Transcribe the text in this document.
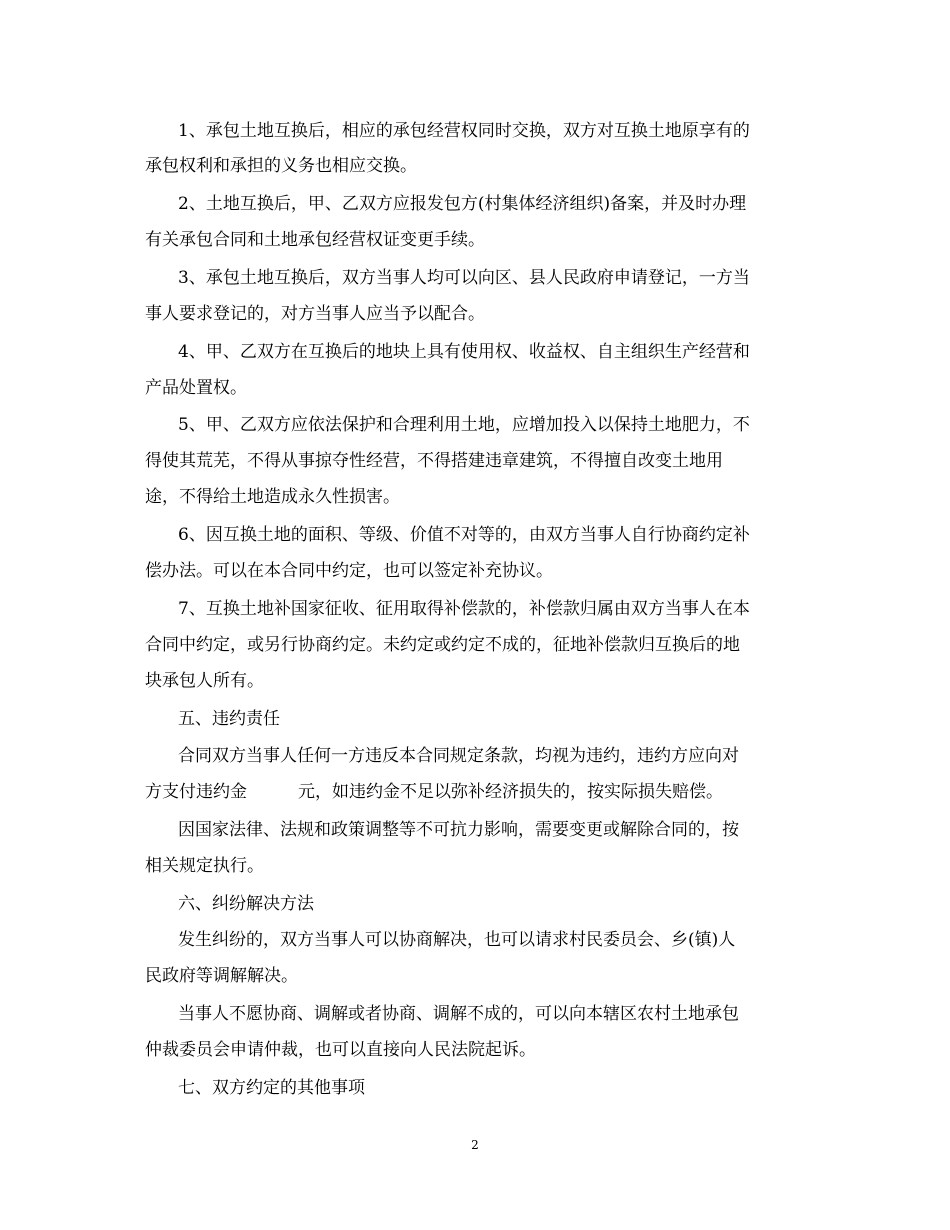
1、承包土地互换后，相应的承包经营权同时交换，双方对互换土地原享有的
承包权利和承担的义务也相应交换。
2、土地互换后，甲、乙双方应报发包方(村集体经济组织)备案，并及时办理
有关承包合同和土地承包经营权证变更手续。
3、承包土地互换后，双方当事人均可以向区、县人民政府申请登记，一方当
事人要求登记的，对方当事人应当予以配合。
4、甲、乙双方在互换后的地块上具有使用权、收益权、自主组织生产经营和
产品处置权。
5、甲、乙双方应依法保护和合理利用土地，应增加投入以保持土地肥力，不
得使其荒芜，不得从事掠夺性经营，不得搭建违章建筑，不得擅自改变土地用
途，不得给土地造成永久性损害。
6、因互换土地的面积、等级、价值不对等的，由双方当事人自行协商约定补
偿办法。可以在本合同中约定，也可以签定补充协议。
7、互换土地补国家征收、征用取得补偿款的，补偿款归属由双方当事人在本
合同中约定，或另行协商约定。未约定或约定不成的，征地补偿款归互换后的地
块承包人所有。
五、违约责任
合同双方当事人任何一方违反本合同规定条款，均视为违约，违约方应向对
方支付违约金　　　元，如违约金不足以弥补经济损失的，按实际损失赔偿。
因国家法律、法规和政策调整等不可抗力影响，需要变更或解除合同的，按
相关规定执行。
六、纠纷解决方法
发生纠纷的，双方当事人可以协商解决，也可以请求村民委员会、乡(镇)人
民政府等调解解决。
当事人不愿协商、调解或者协商、调解不成的，可以向本辖区农村土地承包
仲裁委员会申请仲裁，也可以直接向人民法院起诉。
七、双方约定的其他事项
2
